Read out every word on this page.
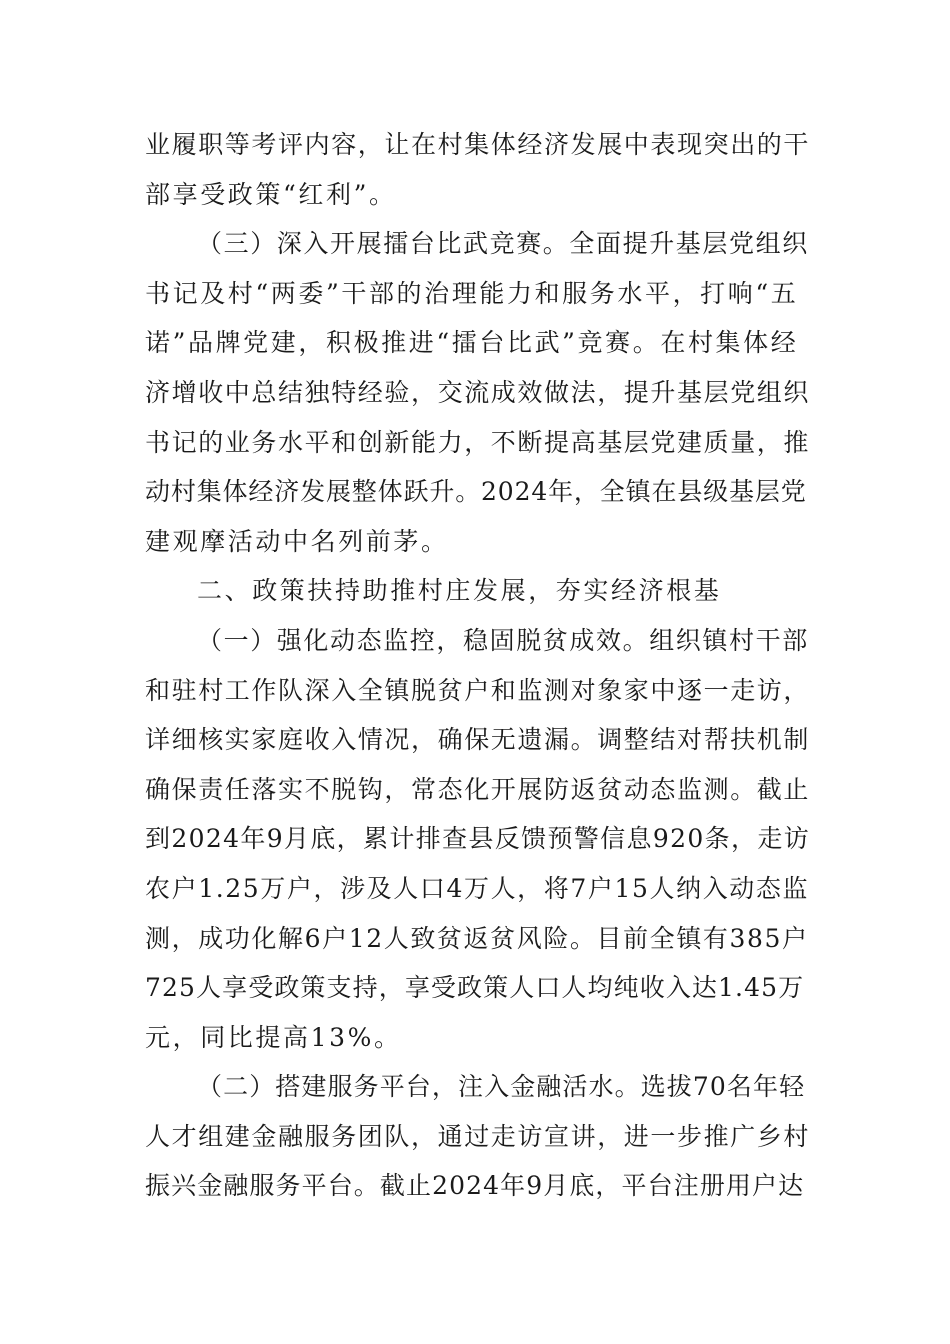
业履职等考评内容，让在村集体经济发展中表现突出的干
部享受政策“红利”。
（三）深入开展擂台比武竞赛。全面提升基层党组织
书记及村“两委”干部的治理能力和服务水平，打响“五
诺”品牌党建，积极推进“擂台比武”竞赛。在村集体经
济增收中总结独特经验，交流成效做法，提升基层党组织
书记的业务水平和创新能力，不断提高基层党建质量，推
动村集体经济发展整体跃升。2024年，全镇在县级基层党
建观摩活动中名列前茅。
二、政策扶持助推村庄发展，夯实经济根基
（一）强化动态监控，稳固脱贫成效。组织镇村干部
和驻村工作队深入全镇脱贫户和监测对象家中逐一走访，
详细核实家庭收入情况，确保无遗漏。调整结对帮扶机制
确保责任落实不脱钩，常态化开展防返贫动态监测。截止
到2024年9月底，累计排查县反馈预警信息920条，走访
农户1.25万户，涉及人口4万人，将7户15人纳入动态监
测，成功化解6户12人致贫返贫风险。目前全镇有385户
725人享受政策支持，享受政策人口人均纯收入达1.45万
元，同比提高13%。
（二）搭建服务平台，注入金融活水。选拔70名年轻
人才组建金融服务团队，通过走访宣讲，进一步推广乡村
振兴金融服务平台。截止2024年9月底，平台注册用户达
